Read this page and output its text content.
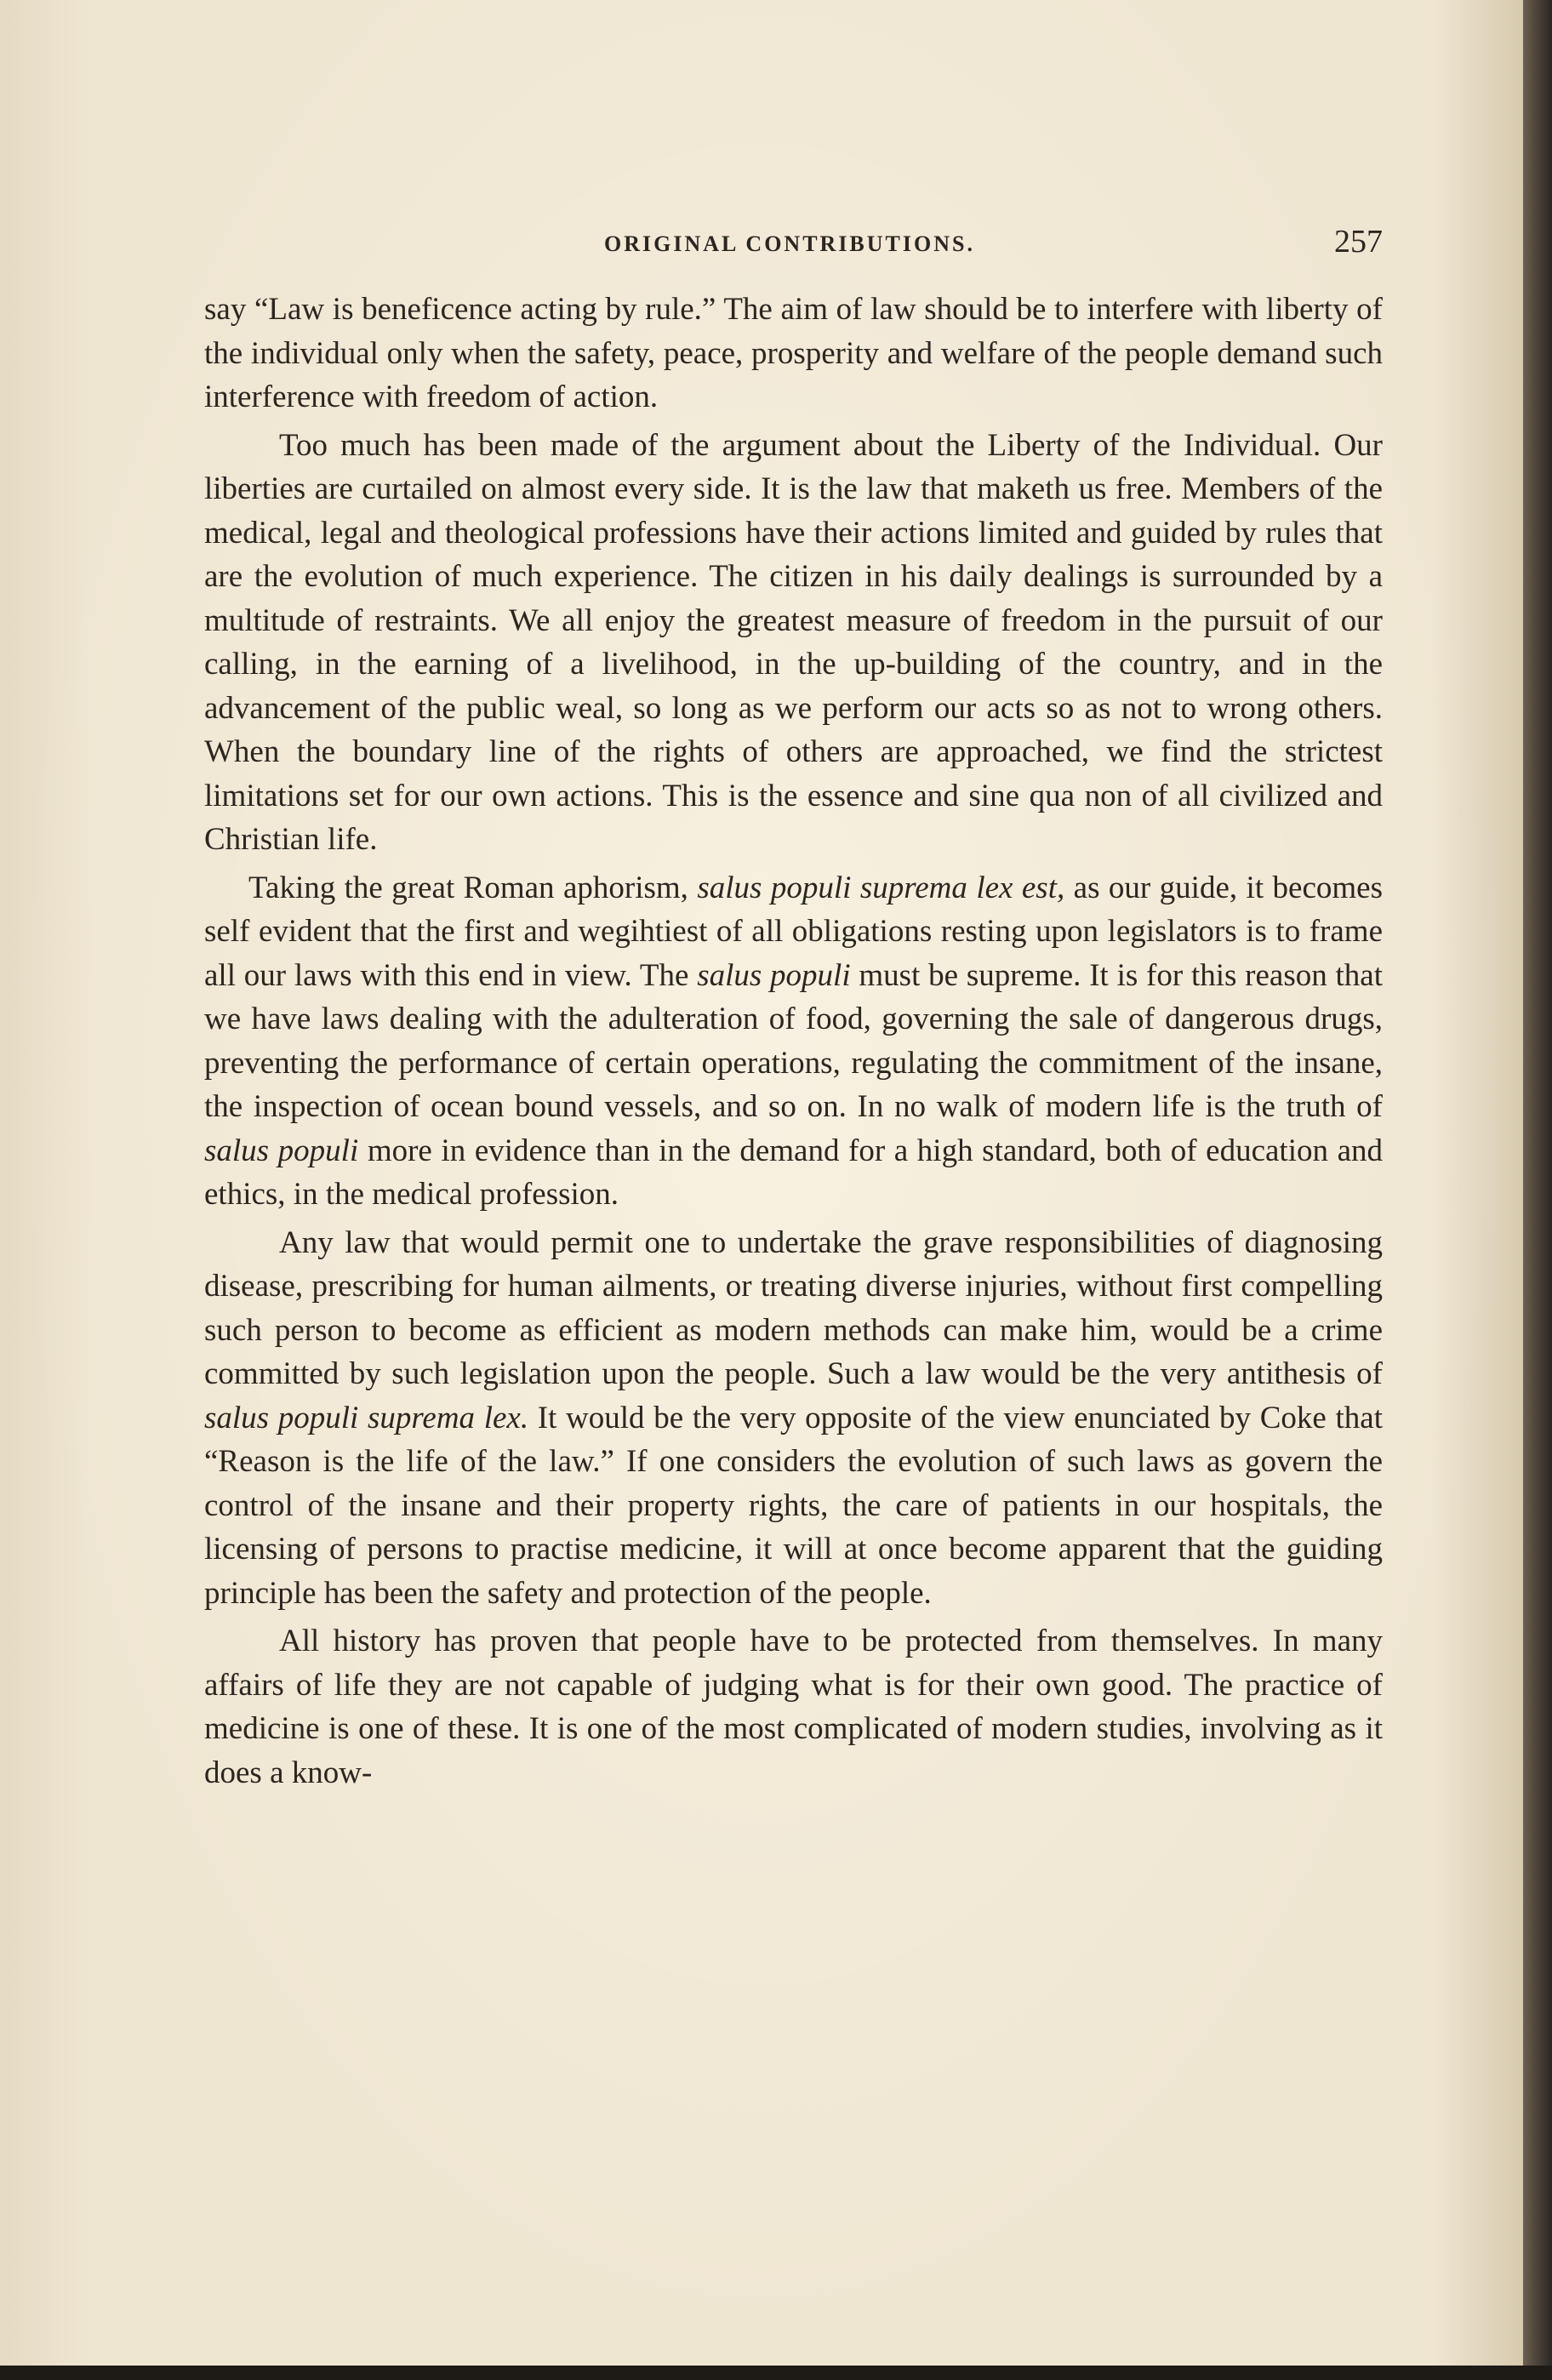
ORIGINAL CONTRIBUTIONS.	257

say “Law is beneficence acting by rule.” The aim of law should be to interfere with liberty of the individual only when the safety, peace, prosperity and welfare of the people demand such interference with freedom of action.

Too much has been made of the argument about the Liberty of the Individual. Our liberties are curtailed on almost every side. It is the law that maketh us free. Members of the medical, legal and theological professions have their actions limited and guided by rules that are the evolution of much experience. The citizen in his daily dealings is surrounded by a multitude of restraints. We all enjoy the greatest measure of freedom in the pursuit of our calling, in the earning of a livelihood, in the up-building of the country, and in the advancement of the public weal, so long as we perform our acts so as not to wrong others. When the boundary line of the rights of others are approached, we find the strictest limitations set for our own actions. This is the essence and sine qua non of all civilized and Christian life.

Taking the great Roman aphorism, salus populi suprema lex est, as our guide, it becomes self evident that the first and wegihtiest of all obligations resting upon legislators is to frame all our laws with this end in view. The salus populi must be supreme. It is for this reason that we have laws dealing with the adulteration of food, governing the sale of dangerous drugs, preventing the performance of certain operations, regulating the commitment of the insane, the inspection of ocean bound vessels, and so on. In no walk of modern life is the truth of salus populi more in evidence than in the demand for a high standard, both of education and ethics, in the medical profession.

Any law that would permit one to undertake the grave responsibilities of diagnosing disease, prescribing for human ailments, or treating diverse injuries, without first compelling such person to become as efficient as modern methods can make him, would be a crime committed by such legislation upon the people. Such a law would be the very antithesis of salus populi suprema lex. It would be the very opposite of the view enunciated by Coke that “Reason is the life of the law.” If one considers the evolution of such laws as govern the control of the insane and their property rights, the care of patients in our hospitals, the licensing of persons to practise medicine, it will at once become apparent that the guiding principle has been the safety and protection of the people.

All history has proven that people have to be protected from themselves. In many affairs of life they are not capable of judging what is for their own good. The practice of medicine is one of these. It is one of the most complicated of modern studies, involving as it does a know-
